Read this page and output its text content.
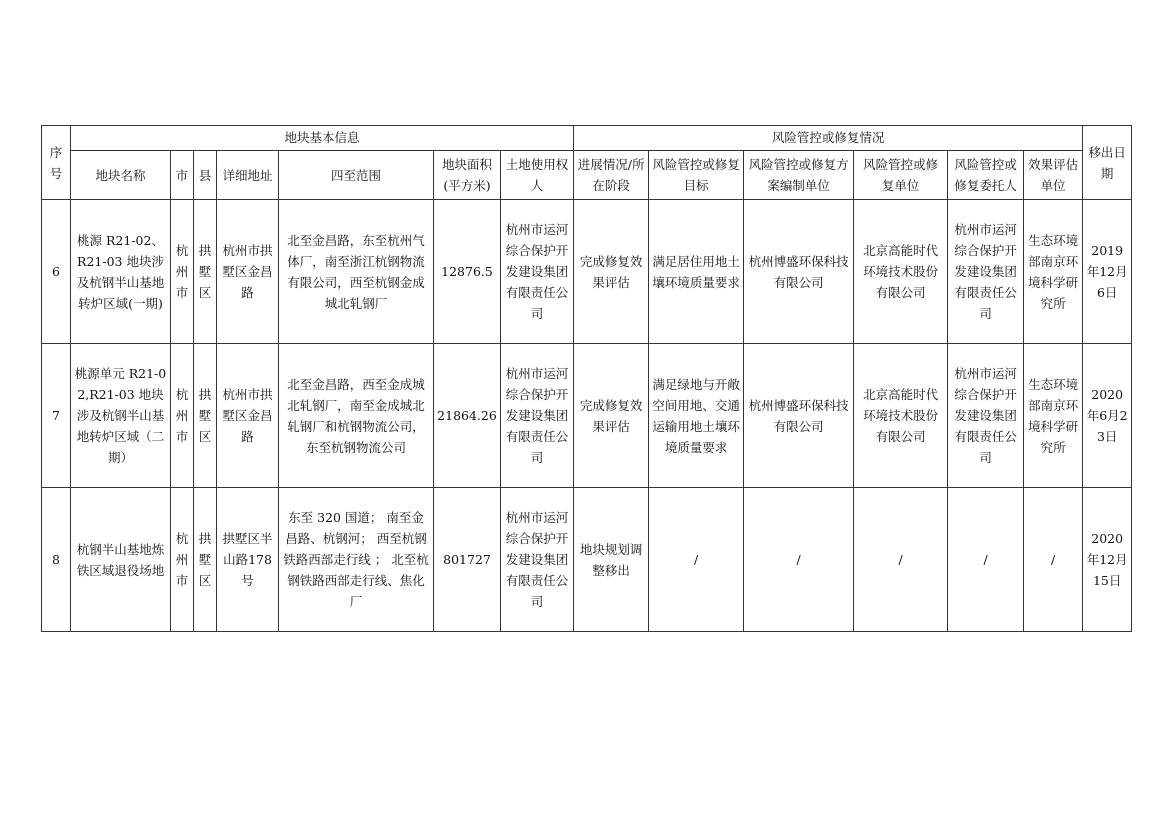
序号	地块基本信息							风险管控或修复情况						移出日期
	地块名称	市	县	详细地址	四至范围	地块面积(平方米)	土地使用权人	进展情况/所在阶段	风险管控或修复目标	风险管控或修复方案编制单位	风险管控或修复单位	风险管控或修复委托人	效果评估单位	
6	桃源 R21-02、R21-03 地块涉及杭钢半山基地转炉区域(一期)	杭州市	拱墅区	杭州市拱墅区金昌路	北至金昌路，东至杭州气体厂，南至浙江杭钢物流有限公司，西至杭钢金成城北轧钢厂	12876.5	杭州市运河综合保护开发建设集团有限责任公司	完成修复效果评估	满足居住用地土壤环境质量要求	杭州博盛环保科技有限公司	北京高能时代环境技术股份有限公司	杭州市运河综合保护开发建设集团有限责任公司	生态环境部南京环境科学研究所	2019年12月6日
7	桃源单元 R21-02,R21-03 地块涉及杭钢半山基地转炉区域（二期）	杭州市	拱墅区	杭州市拱墅区金昌路	北至金昌路，西至金成城北轧钢厂，南至金成城北轧钢厂和杭钢物流公司，东至杭钢物流公司	21864.26	杭州市运河综合保护开发建设集团有限责任公司	完成修复效果评估	满足绿地与开敞空间用地、交通运输用地土壤环境质量要求	杭州博盛环保科技有限公司	北京高能时代环境技术股份有限公司	杭州市运河综合保护开发建设集团有限责任公司	生态环境部南京环境科学研究所	2020年6月23日
8	杭钢半山基地炼铁区域退役场地	杭州市	拱墅区	拱墅区半山路178号	东至 320 国道； 南至金昌路、杭钢河； 西至杭钢铁路西部走行线 ； 北至杭钢铁路西部走行线、焦化厂	801727	杭州市运河综合保护开发建设集团有限责任公司	地块规划调整移出	/	/	/	/	/	2020年12月15日
